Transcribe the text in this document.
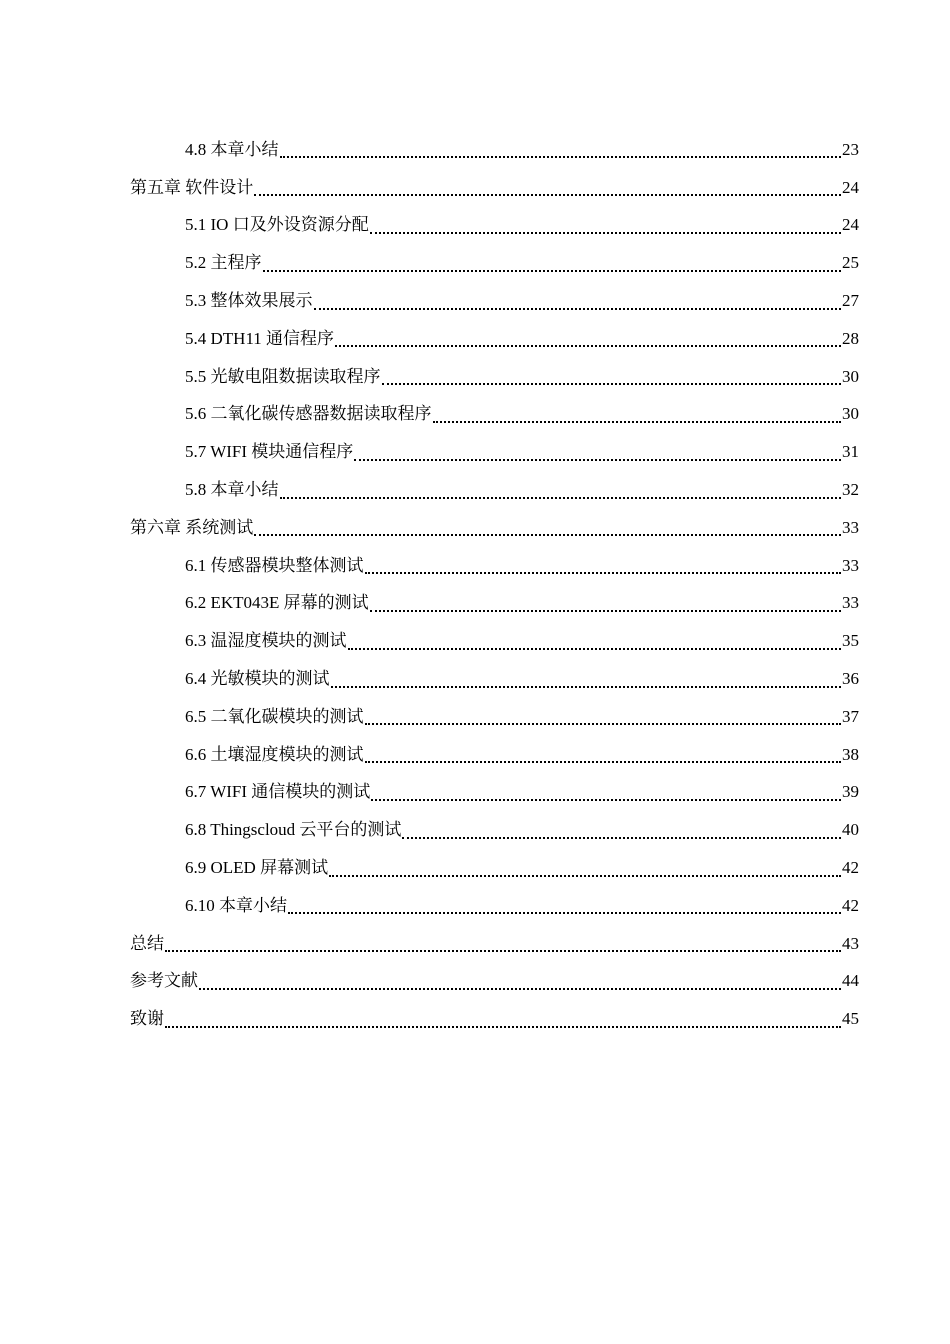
4.8 本章小结	23
第五章 软件设计	24
5.1 IO 口及外设资源分配	24
5.2 主程序	25
5.3 整体效果展示	27
5.4 DTH11 通信程序	28
5.5 光敏电阻数据读取程序	30
5.6 二氧化碳传感器数据读取程序	30
5.7 WIFI 模块通信程序	31
5.8 本章小结	32
第六章 系统测试	33
6.1 传感器模块整体测试	33
6.2 EKT043E 屏幕的测试	33
6.3 温湿度模块的测试	35
6.4 光敏模块的测试	36
6.5 二氧化碳模块的测试	37
6.6 土壤湿度模块的测试	38
6.7 WIFI 通信模块的测试	39
6.8 Thingscloud 云平台的测试	40
6.9 OLED 屏幕测试	42
6.10 本章小结	42
总结	43
参考文献	44
致谢	45
